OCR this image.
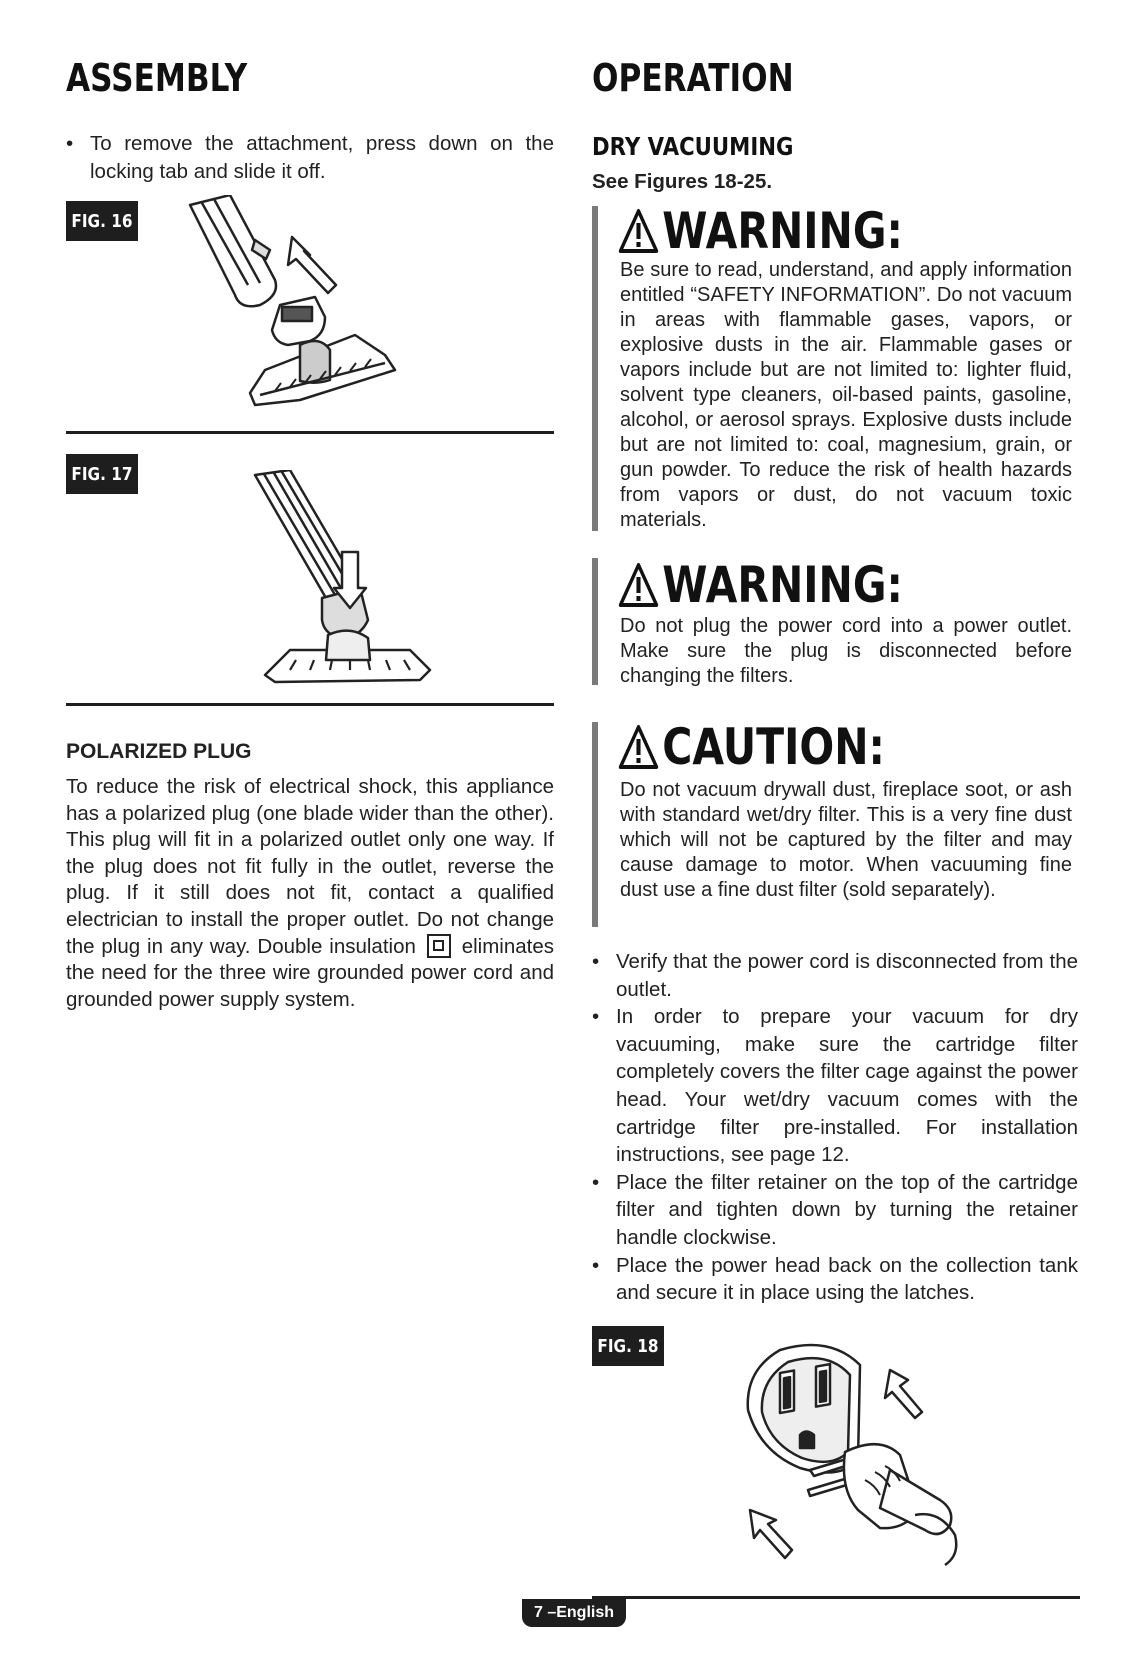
ASSEMBLY
• To remove the attachment, press down on the locking tab and slide it off.
FIG. 16
FIG. 17
POLARIZED PLUG

To reduce the risk of electrical shock, this appliance has a polarized plug (one blade wider than the other). This plug will fit in a polarized outlet only one way. If the plug does not fit fully in the outlet, reverse the plug. If it still does not fit, contact a qualified electrician to install the proper outlet. Do not change the plug in any way. Double insulation eliminates the need for the three wire grounded power cord and grounded power supply system.

OPERATION
DRY VACUUMING
See Figures 18-25.
WARNING:

Be sure to read, understand, and apply information entitled “SAFETY INFORMATION”. Do not vacuum in areas with flammable gases, vapors, or explosive dusts in the air. Flammable gases or vapors include but are not limited to: lighter fluid, solvent type cleaners, oil-based paints, gasoline, alcohol, or aerosol sprays. Explosive dusts include but are not limited to: coal, magnesium, grain, or gun powder. To reduce the risk of health hazards from vapors or dust, do not vacuum toxic materials.

WARNING:

Do not plug the power cord into a power outlet. Make sure the plug is disconnected before changing the filters.

CAUTION:

Do not vacuum drywall dust, fireplace soot, or ash with standard wet/dry filter. This is a very fine dust which will not be captured by the filter and may cause damage to motor. When vacuuming fine dust use a fine dust filter (sold separately).

• Verify that the power cord is disconnected from the outlet.
• In order to prepare your vacuum for dry vacuuming, make sure the cartridge filter completely covers the filter cage against the power head. Your wet/dry vacuum comes with the cartridge filter pre-installed. For installation instructions, see page 12.
• Place the filter retainer on the top of the cartridge filter and tighten down by turning the retainer handle clockwise.
• Place the power head back on the collection tank and secure it in place using the latches.
FIG. 18
7 –English
